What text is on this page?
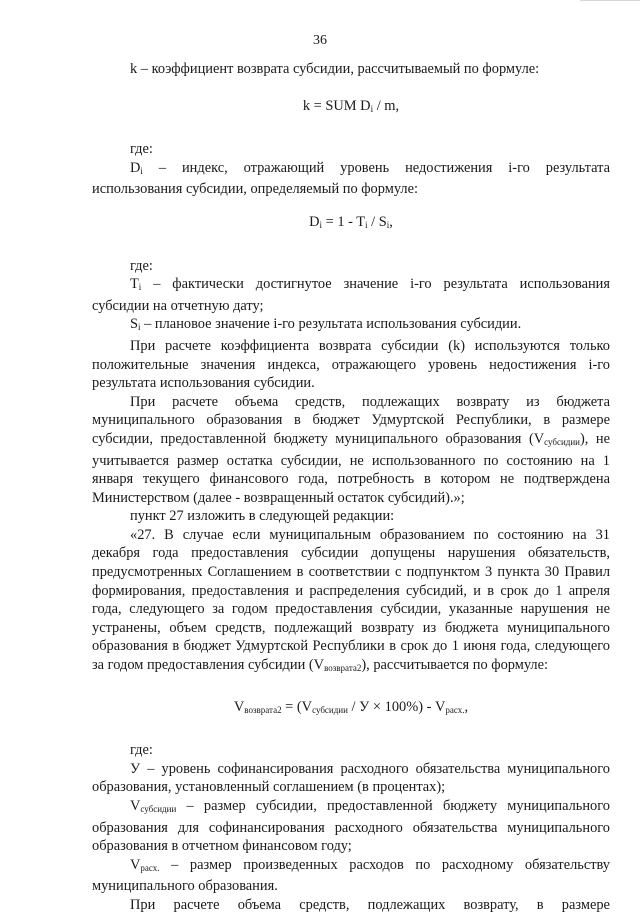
36

k – коэффициент возврата субсидии, рассчитываемый по формуле:

k = SUM $D_i$ / m,

где:

$D_i$ – индекс, отражающий уровень недостижения i-го результата использования субсидии, определяемый по формуле:

$D_i = 1 - T_i / S_i$,

где:

$T_i$ – фактически достигнутое значение i-го результата использования субсидии на отчетную дату;

$S_i$ – плановое значение i-го результата использования субсидии.

При расчете коэффициента возврата субсидии (k) используются только положительные значения индекса, отражающего уровень недостижения i-го результата использования субсидии.

При расчете объема средств, подлежащих возврату из бюджета муниципального образования в бюджет Удмуртской Республики, в размере субсидии, предоставленной бюджету муниципального образования $(V_{субсидии})$, не учитывается размер остатка субсидии, не использованного по состоянию на 1 января текущего финансового года, потребность в котором не подтверждена Министерством (далее - возвращенный остаток субсидий).»;

пункт 27 изложить в следующей редакции:

«27. В случае если муниципальным образованием по состоянию на 31 декабря года предоставления субсидии допущены нарушения обязательств, предусмотренных Соглашением в соответствии с подпунктом 3 пункта 30 Правил формирования, предоставления и распределения субсидий, и в срок до 1 апреля года, следующего за годом предоставления субсидии, указанные нарушения не устранены, объем средств, подлежащий возврату из бюджета муниципального образования в бюджет Удмуртской Республики в срок до 1 июня года, следующего за годом предоставления субсидии $(V_{возврата2})$, рассчитывается по формуле:

$V_{возврата2} = (V_{субсидии} / У \times 100\%) - V_{расх.}$,

где:

У – уровень софинансирования расходного обязательства муниципального образования, установленный соглашением (в процентах);

$V_{субсидии}$ – размер субсидии, предоставленной бюджету муниципального образования для софинансирования расходного обязательства муниципального образования в отчетном финансовом году;

$V_{расх.}$ – размер произведенных расходов по расходному обязательству муниципального образования.

При расчете объема средств, подлежащих возврату, в размере
